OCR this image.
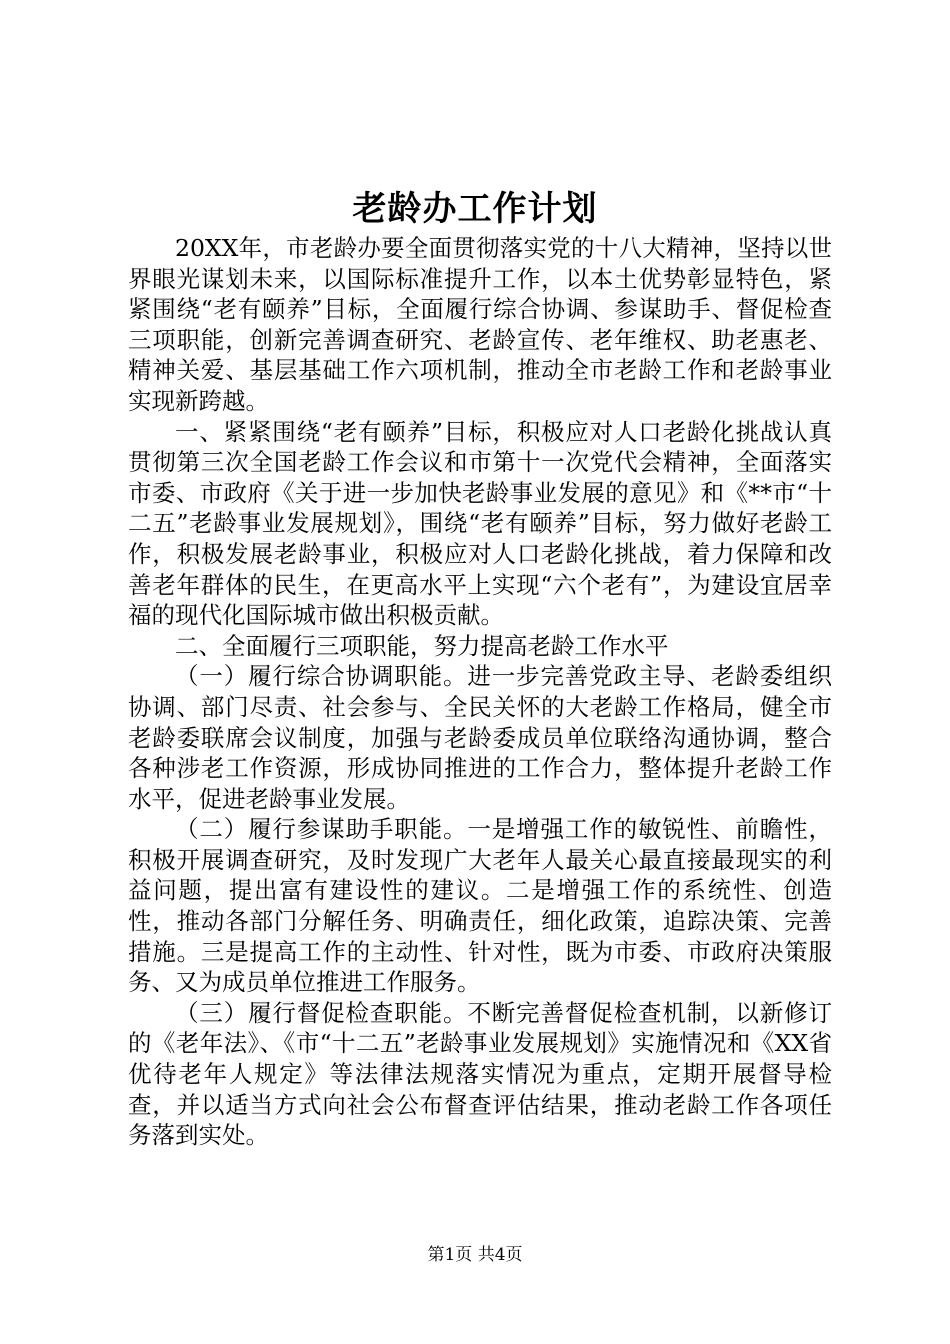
老龄办工作计划

20XX年，市老龄办要全面贯彻落实党的十八大精神，坚持以世界眼光谋划未来，以国际标准提升工作，以本土优势彰显特色，紧紧围绕“老有颐养”目标，全面履行综合协调、参谋助手、督促检查三项职能，创新完善调查研究、老龄宣传、老年维权、助老惠老、精神关爱、基层基础工作六项机制，推动全市老龄工作和老龄事业实现新跨越。

一、紧紧围绕“老有颐养”目标，积极应对人口老龄化挑战认真贯彻第三次全国老龄工作会议和市第十一次党代会精神，全面落实市委、市政府《关于进一步加快老龄事业发展的意见》和《**市“十二五”老龄事业发展规划》，围绕“老有颐养”目标，努力做好老龄工作，积极发展老龄事业，积极应对人口老龄化挑战，着力保障和改善老年群体的民生，在更高水平上实现“六个老有”，为建设宜居幸福的现代化国际城市做出积极贡献。

二、全面履行三项职能，努力提高老龄工作水平

（一）履行综合协调职能。进一步完善党政主导、老龄委组织协调、部门尽责、社会参与、全民关怀的大老龄工作格局，健全市老龄委联席会议制度，加强与老龄委成员单位联络沟通协调，整合各种涉老工作资源，形成协同推进的工作合力，整体提升老龄工作水平，促进老龄事业发展。

（二）履行参谋助手职能。一是增强工作的敏锐性、前瞻性，积极开展调查研究，及时发现广大老年人最关心最直接最现实的利益问题，提出富有建设性的建议。二是增强工作的系统性、创造性，推动各部门分解任务、明确责任，细化政策，追踪决策、完善措施。三是提高工作的主动性、针对性，既为市委、市政府决策服务、又为成员单位推进工作服务。

（三）履行督促检查职能。不断完善督促检查机制，以新修订的《老年法》、《市“十二五”老龄事业发展规划》实施情况和《XX省优待老年人规定》等法律法规落实情况为重点，定期开展督导检查，并以适当方式向社会公布督查评估结果，推动老龄工作各项任务落到实处。

第1页 共4页
